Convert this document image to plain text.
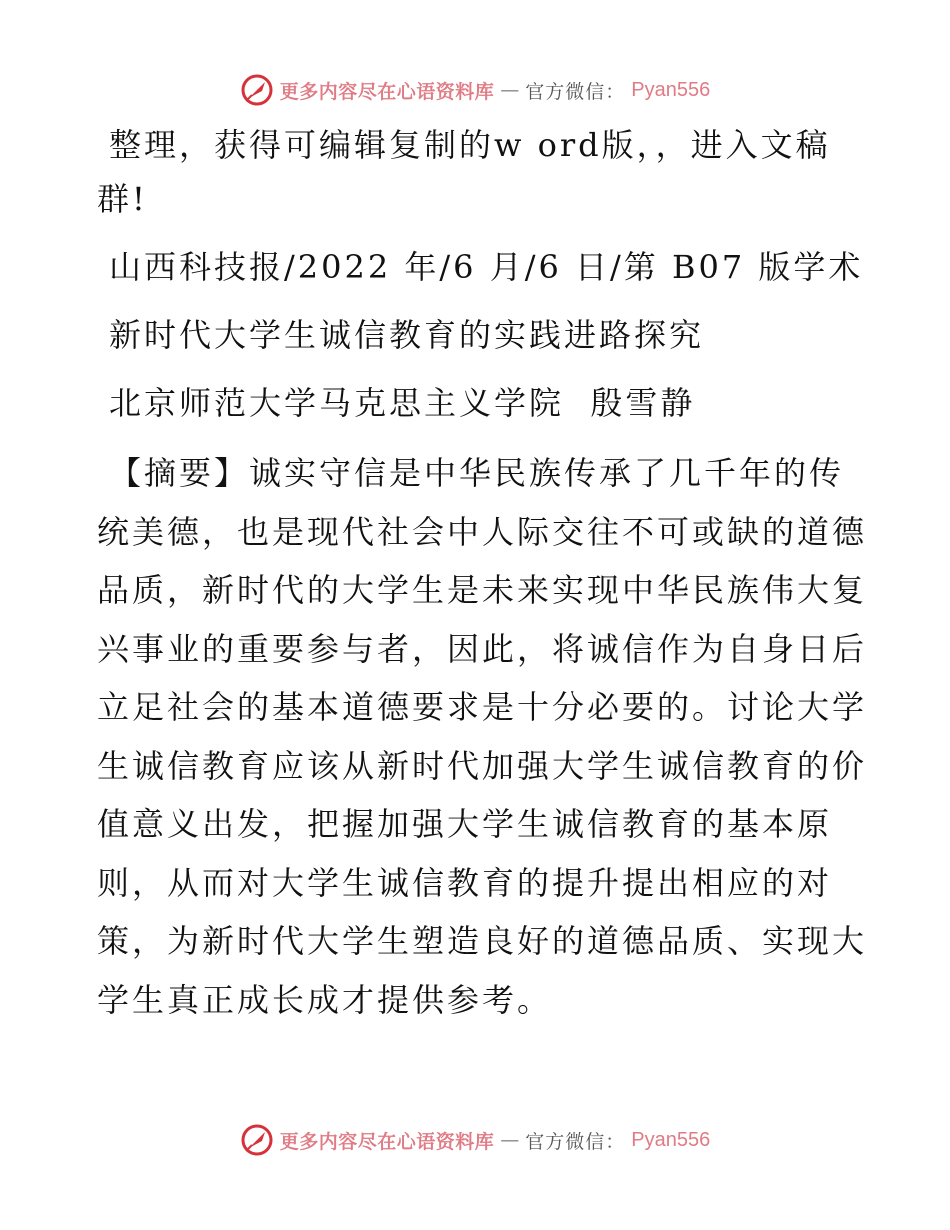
更多内容尽在心语资料库 — 官方微信： Pyan556

整理，获得可编辑复制的w ord版，，进入文稿

群!

山西科技报/2022 年/6 月/6 日/第 B07 版学术

新时代大学生诚信教育的实践进路探究

北京师范大学马克思主义学院  殷雪静

【摘要】诚实守信是中华民族传承了几千年的传

统美德，也是现代社会中人际交往不可或缺的道德

品质，新时代的大学生是未来实现中华民族伟大复

兴事业的重要参与者，因此，将诚信作为自身日后

立足社会的基本道德要求是十分必要的。讨论大学

生诚信教育应该从新时代加强大学生诚信教育的价

值意义出发，把握加强大学生诚信教育的基本原

则，从而对大学生诚信教育的提升提出相应的对

策，为新时代大学生塑造良好的道德品质、实现大

学生真正成长成才提供参考。

更多内容尽在心语资料库 — 官方微信： Pyan556
